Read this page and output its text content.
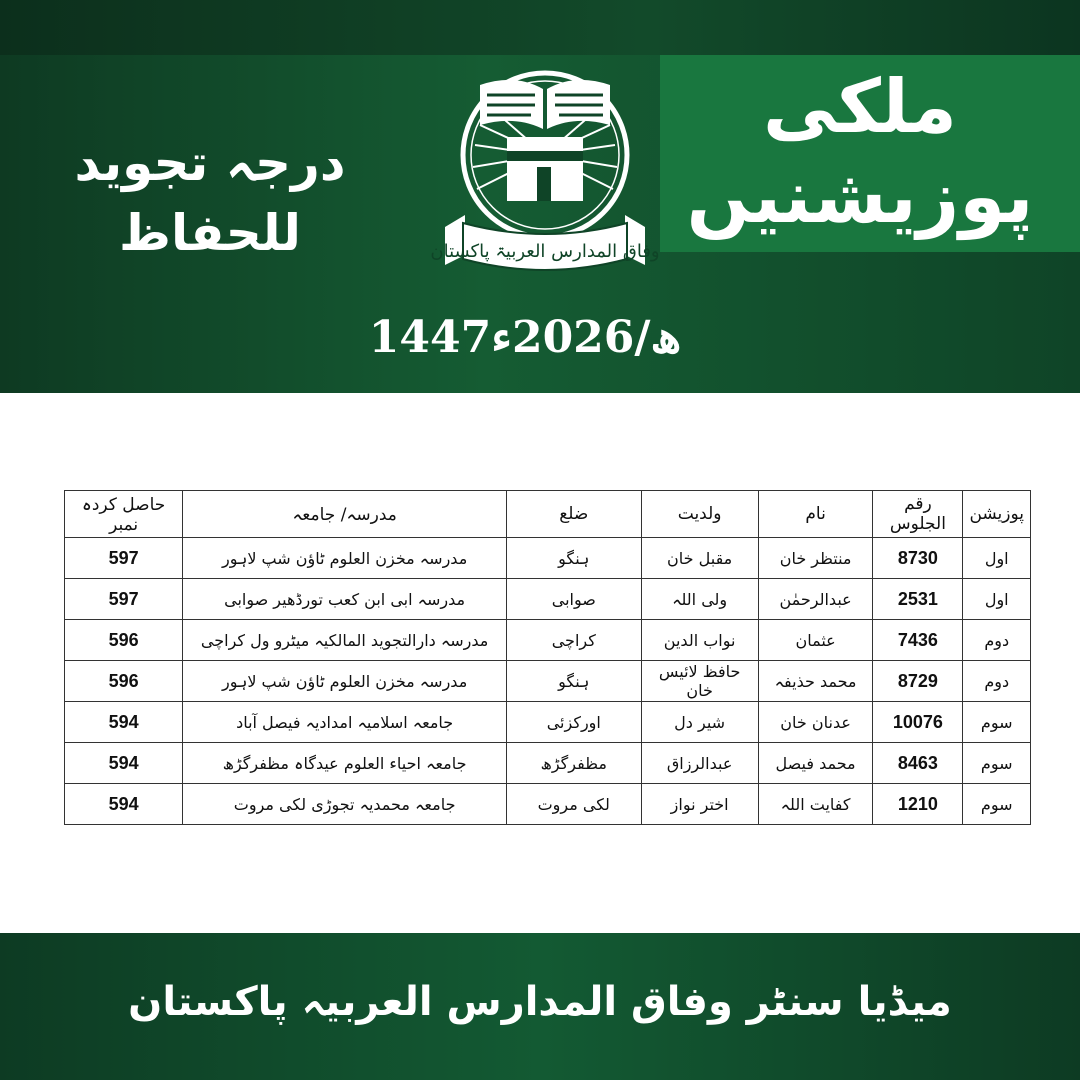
ملکی پوزیشنیں
درجہ تجوید للحفاظ	وفاق المدارس العربیۃ پاکستان
1447ھ/2026ء
پوزیشن	رقم الجلوس	نام	ولدیت	ضلع	مدرسہ/ جامعہ	حاصل کردہ نمبر
اول	8730	منتظر خان	مقبل خان	ہنگو	مدرسہ مخزن العلوم ٹاؤن شپ لاہور	597
اول	2531	عبدالرحمٰن	ولی اللہ	صوابی	مدرسہ ابی ابن کعب تورڈھیر صوابی	597
دوم	7436	عثمان	نواب الدین	کراچی	مدرسہ دارالتجوید المالکیہ میٹرو ول کراچی	596
دوم	8729	محمد حذیفہ	حافظ لائیس خان	ہنگو	مدرسہ مخزن العلوم ٹاؤن شپ لاہور	596
سوم	10076	عدنان خان	شیر دل	اورکزئی	جامعہ اسلامیہ امدادیہ فیصل آباد	594
سوم	8463	محمد فیصل	عبدالرزاق	مظفرگڑھ	جامعہ احیاء العلوم عیدگاہ مظفرگڑھ	594
سوم	1210	کفایت اللہ	اختر نواز	لکی مروت	جامعہ محمدیہ تجوڑی لکی مروت	594
میڈیا سنٹر وفاق المدارس العربیہ پاکستان
